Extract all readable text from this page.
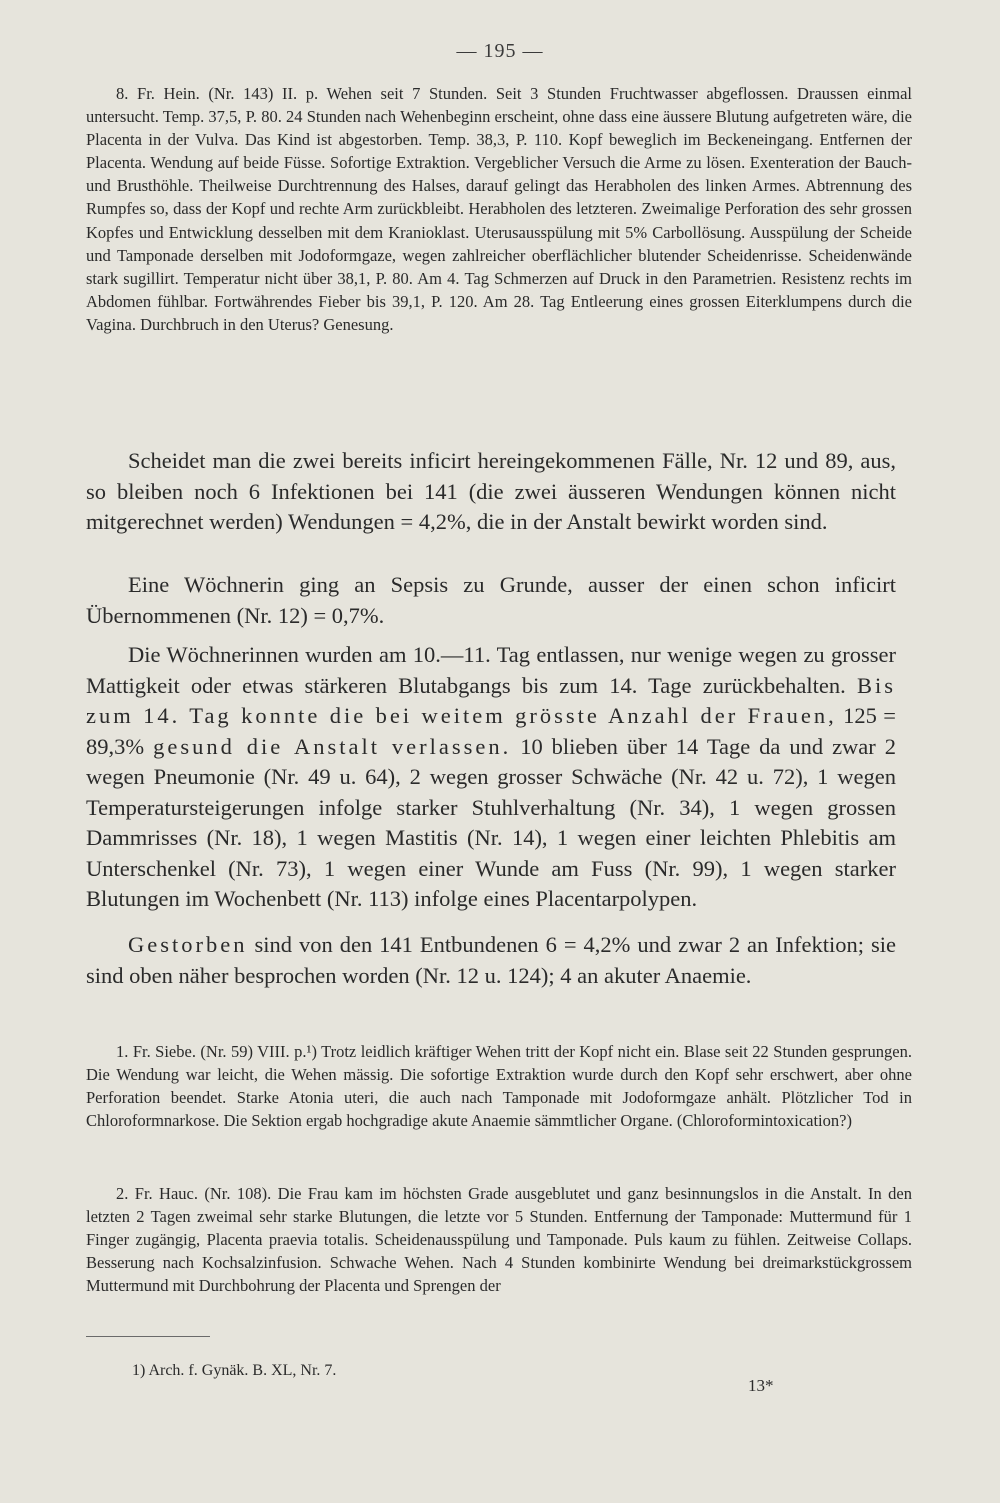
— 195 —

8. Fr. Hein. (Nr. 143) II. p. Wehen seit 7 Stunden. Seit 3 Stunden Fruchtwasser abgeflossen. Draussen einmal untersucht. Temp. 37,5, P. 80. 24 Stunden nach Wehenbeginn erscheint, ohne dass eine äussere Blutung aufgetreten wäre, die Placenta in der Vulva. Das Kind ist abgestorben. Temp. 38,3, P. 110. Kopf beweglich im Beckeneingang. Entfernen der Placenta. Wendung auf beide Füsse. Sofortige Extraktion. Vergeblicher Versuch die Arme zu lösen. Exenteration der Bauch- und Brusthöhle. Theilweise Durchtrennung des Halses, darauf gelingt das Herabholen des linken Armes. Abtrennung des Rumpfes so, dass der Kopf und rechte Arm zurückbleibt. Herabholen des letzteren. Zweimalige Perforation des sehr grossen Kopfes und Entwicklung desselben mit dem Kranioklast. Uterusausspülung mit 5% Carbollösung. Ausspülung der Scheide und Tamponade derselben mit Jodoformgaze, wegen zahlreicher oberflächlicher blutender Scheidenrisse. Scheidenwände stark sugillirt. Temperatur nicht über 38,1, P. 80. Am 4. Tag Schmerzen auf Druck in den Parametrien. Resistenz rechts im Abdomen fühlbar. Fortwährendes Fieber bis 39,1, P. 120. Am 28. Tag Entleerung eines grossen Eiterklumpens durch die Vagina. Durchbruch in den Uterus? Genesung.

Scheidet man die zwei bereits inficirt hereingekommenen Fälle, Nr. 12 und 89, aus, so bleiben noch 6 Infektionen bei 141 (die zwei äusseren Wendungen können nicht mitgerechnet werden) Wendungen = 4,2%, die in der Anstalt bewirkt worden sind.

Eine Wöchnerin ging an Sepsis zu Grunde, ausser der einen schon inficirt Übernommenen (Nr. 12) = 0,7%.

Die Wöchnerinnen wurden am 10.—11. Tag entlassen, nur wenige wegen zu grosser Mattigkeit oder etwas stärkeren Blutabgangs bis zum 14. Tage zurückbehalten. Bis zum 14. Tag konnte die bei weitem grösste Anzahl der Frauen, 125 = 89,3% gesund die Anstalt verlassen. 10 blieben über 14 Tage da und zwar 2 wegen Pneumonie (Nr. 49 u. 64), 2 wegen grosser Schwäche (Nr. 42 u. 72), 1 wegen Temperatursteigerungen infolge starker Stuhlverhaltung (Nr. 34), 1 wegen grossen Dammrisses (Nr. 18), 1 wegen Mastitis (Nr. 14), 1 wegen einer leichten Phlebitis am Unterschenkel (Nr. 73), 1 wegen einer Wunde am Fuss (Nr. 99), 1 wegen starker Blutungen im Wochenbett (Nr. 113) infolge eines Placentarpolypen.

Gestorben sind von den 141 Entbundenen 6 = 4,2% und zwar 2 an Infektion; sie sind oben näher besprochen worden (Nr. 12 u. 124); 4 an akuter Anaemie.

1. Fr. Siebe. (Nr. 59) VIII. p.¹) Trotz leidlich kräftiger Wehen tritt der Kopf nicht ein. Blase seit 22 Stunden gesprungen. Die Wendung war leicht, die Wehen mässig. Die sofortige Extraktion wurde durch den Kopf sehr erschwert, aber ohne Perforation beendet. Starke Atonia uteri, die auch nach Tamponade mit Jodoformgaze anhält. Plötzlicher Tod in Chloroformnarkose. Die Sektion ergab hochgradige akute Anaemie sämmtlicher Organe. (Chloroformintoxication?)

2. Fr. Hauc. (Nr. 108). Die Frau kam im höchsten Grade ausgeblutet und ganz besinnungslos in die Anstalt. In den letzten 2 Tagen zweimal sehr starke Blutungen, die letzte vor 5 Stunden. Entfernung der Tamponade: Muttermund für 1 Finger zugängig, Placenta praevia totalis. Scheidenausspülung und Tamponade. Puls kaum zu fühlen. Zeitweise Collaps. Besserung nach Kochsalzinfusion. Schwache Wehen. Nach 4 Stunden kombinirte Wendung bei dreimarkstückgrossem Muttermund mit Durchbohrung der Placenta und Sprengen der

1) Arch. f. Gynäk. B. XL, Nr. 7.

13*
